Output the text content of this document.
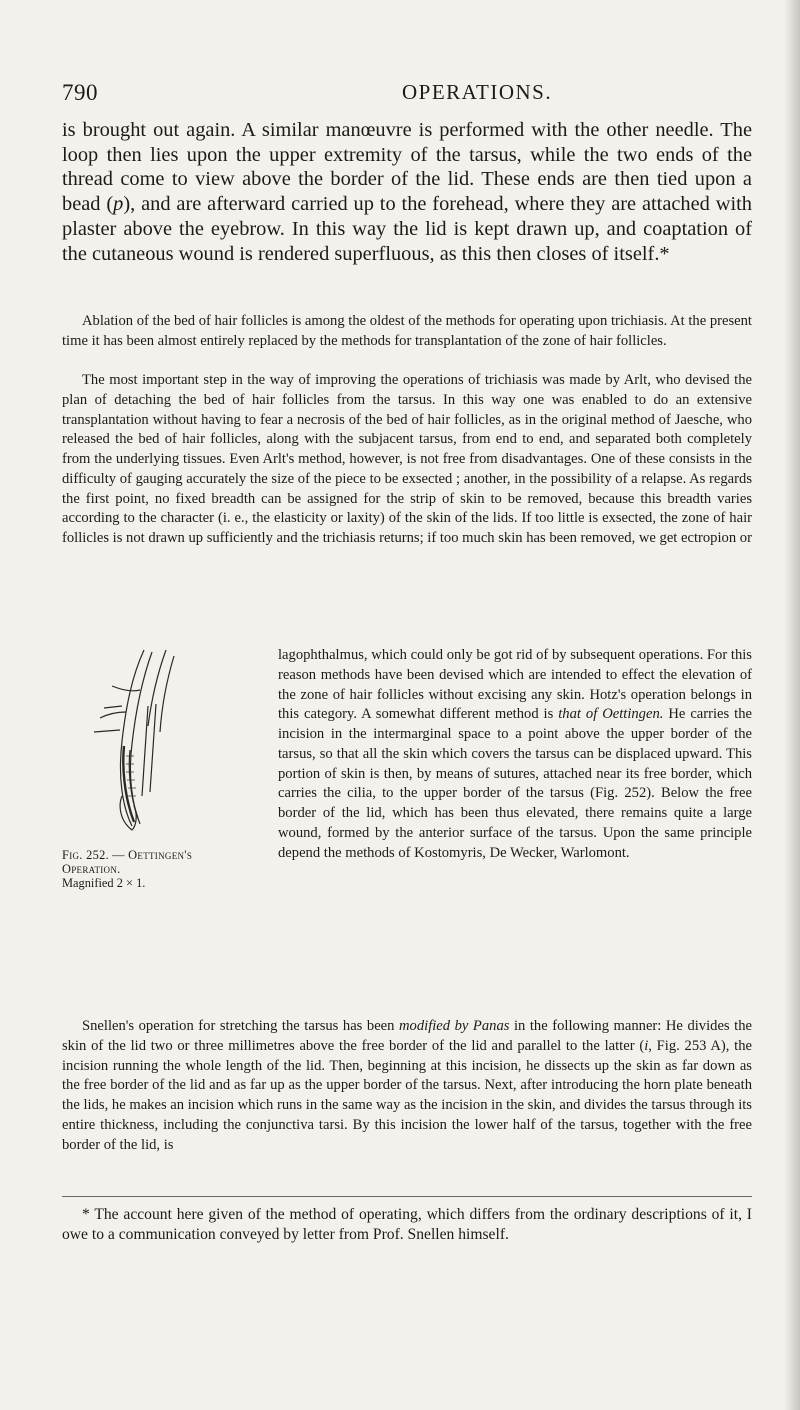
790	OPERATIONS.
is brought out again. A similar manœuvre is performed with the other needle. The loop then lies upon the upper extremity of the tarsus, while the two ends of the thread come to view above the border of the lid. These ends are then tied upon a bead (p), and are afterward carried up to the forehead, where they are attached with plaster above the eyebrow. In this way the lid is kept drawn up, and coaptation of the cutaneous wound is rendered superfluous, as this then closes of itself.*
Ablation of the bed of hair follicles is among the oldest of the methods for operating upon trichiasis. At the present time it has been almost entirely replaced by the methods for transplantation of the zone of hair follicles.

The most important step in the way of improving the operations of trichiasis was made by Arlt, who devised the plan of detaching the bed of hair follicles from the tarsus. In this way one was enabled to do an extensive transplantation without having to fear a necrosis of the bed of hair follicles, as in the original method of Jaesche, who released the bed of hair follicles, along with the subjacent tarsus, from end to end, and separated both completely from the underlying tissues. Even Arlt's method, however, is not free from disadvantages. One of these consists in the difficulty of gauging accurately the size of the piece to be exsected ; another, in the possibility of a relapse. As regards the first point, no fixed breadth can be assigned for the strip of skin to be removed, because this breadth varies according to the character (i. e., the elasticity or laxity) of the skin of the lids. If too little is exsected, the zone of hair follicles is not drawn up sufficiently and the trichiasis returns; if too much skin has been removed, we get ectropion or

Fig. 252. — Oettingen's Operation.
Magnified 2 × 1.

lagophthalmus, which could only be got rid of by subsequent operations. For this reason methods have been devised which are intended to effect the elevation of the zone of hair follicles without excising any skin. Hotz's operation belongs in this category. A somewhat different method is that of Oettingen. He carries the incision in the intermarginal space to a point above the upper border of the tarsus, so that all the skin which covers the tarsus can be displaced upward. This portion of skin is then, by means of sutures, attached near its free border, which carries the cilia, to the upper border of the tarsus (Fig. 252). Below the free border of the lid, which has been thus elevated, there remains quite a large wound, formed by the anterior surface of the tarsus. Upon the same principle depend the methods of Kostomyris, De Wecker, Warlomont.

Snellen's operation for stretching the tarsus has been modified by Panas in the following manner: He divides the skin of the lid two or three millimetres above the free border of the lid and parallel to the latter (i, Fig. 253 A), the incision running the whole length of the lid. Then, beginning at this incision, he dissects up the skin as far down as the free border of the lid and as far up as the upper border of the tarsus. Next, after introducing the horn plate beneath the lids, he makes an incision which runs in the same way as the incision in the skin, and divides the tarsus through its entire thickness, including the conjunctiva tarsi. By this incision the lower half of the tarsus, together with the free border of the lid, is
* The account here given of the method of operating, which differs from the ordinary descriptions of it, I owe to a communication conveyed by letter from Prof. Snellen himself.
